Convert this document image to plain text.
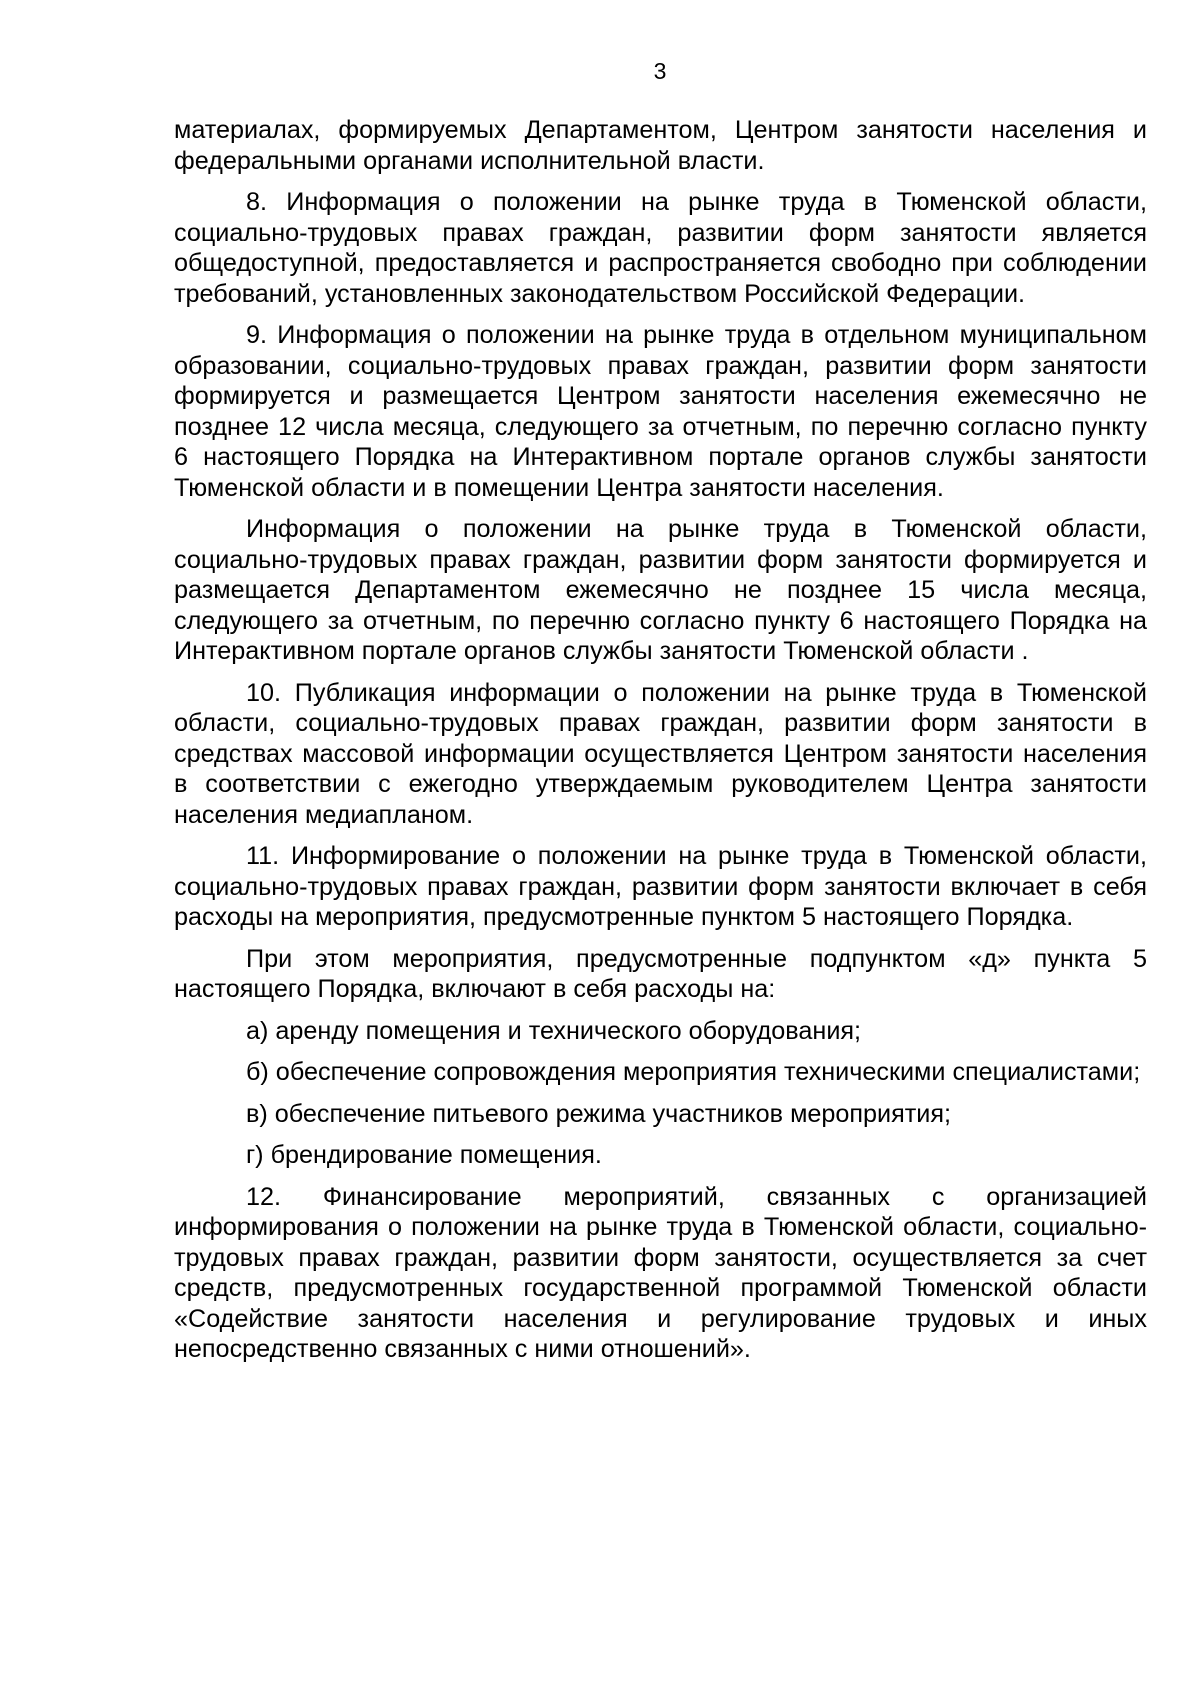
3

материалах, формируемых Департаментом, Центром занятости населения и федеральными органами исполнительной власти.

8. Информация о положении на рынке труда в Тюменской области, социально-трудовых правах граждан, развитии форм занятости является общедоступной, предоставляется и распространяется свободно при соблюдении требований, установленных законодательством Российской Федерации.

9. Информация о положении на рынке труда в отдельном муниципальном образовании, социально-трудовых правах граждан, развитии форм занятости формируется и размещается Центром занятости населения ежемесячно не позднее 12 числа месяца, следующего за отчетным, по перечню согласно пункту 6 настоящего Порядка на Интерактивном портале органов службы занятости Тюменской области и в помещении Центра занятости населения.

Информация о положении на рынке труда в Тюменской области, социально-трудовых правах граждан, развитии форм занятости формируется и размещается Департаментом ежемесячно не позднее 15 числа месяца, следующего за отчетным, по перечню согласно пункту 6 настоящего Порядка на Интерактивном портале органов службы занятости Тюменской области .

10. Публикация информации о положении на рынке труда в Тюменской области, социально-трудовых правах граждан, развитии форм занятости в средствах массовой информации осуществляется Центром занятости населения в соответствии с ежегодно утверждаемым руководителем Центра занятости населения медиапланом.

11. Информирование о положении на рынке труда в Тюменской области, социально-трудовых правах граждан, развитии форм занятости включает в себя расходы на мероприятия, предусмотренные пунктом 5 настоящего Порядка.

При этом мероприятия, предусмотренные подпунктом «д» пункта 5 настоящего Порядка, включают в себя расходы на:

а) аренду помещения и технического оборудования;

б) обеспечение сопровождения мероприятия техническими специалистами;

в) обеспечение питьевого режима участников мероприятия;

г) брендирование помещения.

12. Финансирование мероприятий, связанных с организацией информирования о положении на рынке труда в Тюменской области, социально-трудовых правах граждан, развитии форм занятости, осуществляется за счет средств, предусмотренных государственной программой Тюменской области «Содействие занятости населения и регулирование трудовых и иных непосредственно связанных с ними отношений».
